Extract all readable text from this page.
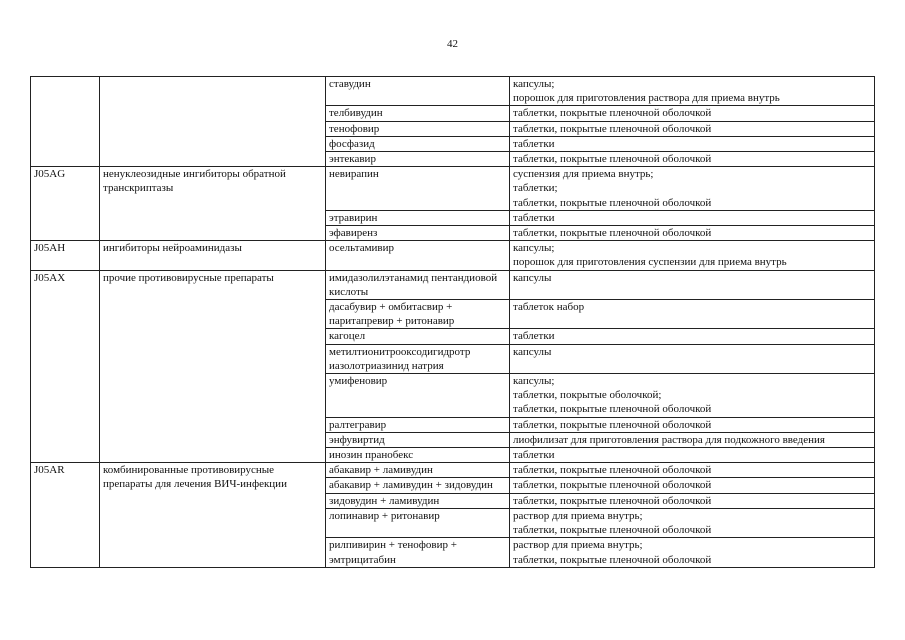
42

		ставудин	капсулы;
порошок для приготовления раствора для приема внутрь

		телбивудин	таблетки, покрытые пленочной оболочкой

		тенофовир	таблетки, покрытые пленочной оболочкой

		фосфазид	таблетки

		энтекавир	таблетки, покрытые пленочной оболочкой

J05AG	ненуклеозидные ингибиторы обратной транскриптазы	невирапин	суспензия для приема внутрь;
таблетки;
таблетки, покрытые пленочной оболочкой

		этравирин	таблетки

		эфавиренз	таблетки, покрытые пленочной оболочкой

J05AH	ингибиторы нейроаминидазы	осельтамивир	капсулы;
порошок для приготовления суспензии для приема внутрь

J05AX	прочие противовирусные препараты	имидазолилэтанамид пентандиовой кислоты	капсулы

		дасабувир + омбитасвир + паритапревир + ритонавир	таблеток набор

		кагоцел	таблетки

		метилтионитрооксодигидротр иазолотриазинид натрия	капсулы

		умифеновир	капсулы;
таблетки, покрытые оболочкой;
таблетки, покрытые пленочной оболочкой

		ралтегравир	таблетки, покрытые пленочной оболочкой

		энфувиртид	лиофилизат для приготовления раствора для подкожного введения

		инозин пранобекс	таблетки

J05AR	комбинированные противовирусные препараты для лечения ВИЧ-инфекции	абакавир + ламивудин	таблетки, покрытые пленочной оболочкой

		абакавир + ламивудин + зидовудин	таблетки, покрытые пленочной оболочкой

		зидовудин + ламивудин	таблетки, покрытые пленочной оболочкой

		лопинавир + ритонавир	раствор для приема внутрь;
таблетки, покрытые пленочной оболочкой

		рилпивирин + тенофовир + эмтрицитабин	раствор для приема внутрь;
таблетки, покрытые пленочной оболочкой
